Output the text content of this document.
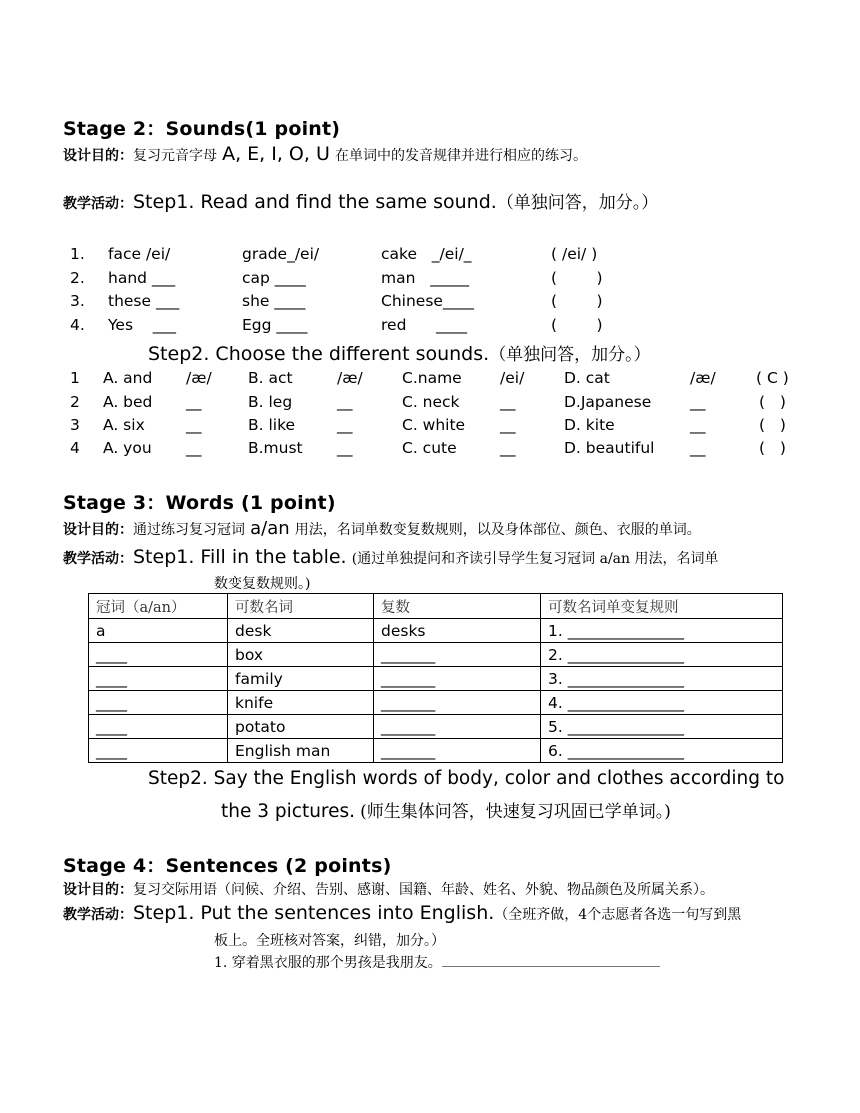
Stage 2：Sounds(1 point)
设计目的：复习元音字母 A, E, I, O, U 在单词中的发音规律并进行相应的练习。
教学活动：Step1. Read and find the same sound.（单独问答，加分。）
1. face /ei/	grade_/ei/	cake   _/ei/_	( /ei/ )
2. hand ___	cap ____	man   _____	(        )
3. these ___	she ____	Chinese____	(        )
4. Yes    ___	Egg ____	red      ____	(        )
Step2. Choose the different sounds.（单独问答，加分。）
1 A. and /æ/ B. act	/æ/	C.name /ei/	D. cat	/æ/	( C )
2 A. bed __	B. leg	__	C. neck	__	D.Japanese	__	(   )
3 A. six	__	B. like	__	C. white __	D. kite	__	(   )
4 A. you __	B.must __	C. cute	__	D. beautiful __	(   )
Stage 3：Words (1 point)
设计目的：通过练习复习冠词 a/an 用法，名词单数变复数规则，以及身体部位、颜色、衣服的单词。
教学活动：Step1. Fill in the table. (通过单独提问和齐读引导学生复习冠词 a/an 用法，名词单
数变复数规则。)
冠词（a/an）	可数名词	复数	可数名词单变复规则
a	desk	desks	1. _______________
____	box	_______	2. _______________
____	family	_______	3. _______________
____	knife	_______	4. _______________
____	potato	_______	5. _______________
____	English man	_______	6. _______________
Step2. Say the English words of body, color and clothes according to
the 3 pictures. (师生集体问答，快速复习巩固已学单词。)
Stage 4：Sentences (2 points)
设计目的：复习交际用语（问候、介绍、告别、感谢、国籍、年龄、姓名、外貌、物品颜色及所属关系）。
教学活动：Step1. Put the sentences into English.（全班齐做，4个志愿者各选一句写到黑
板上。全班核对答案，纠错，加分。）
1. 穿着黑衣服的那个男孩是我朋友。
